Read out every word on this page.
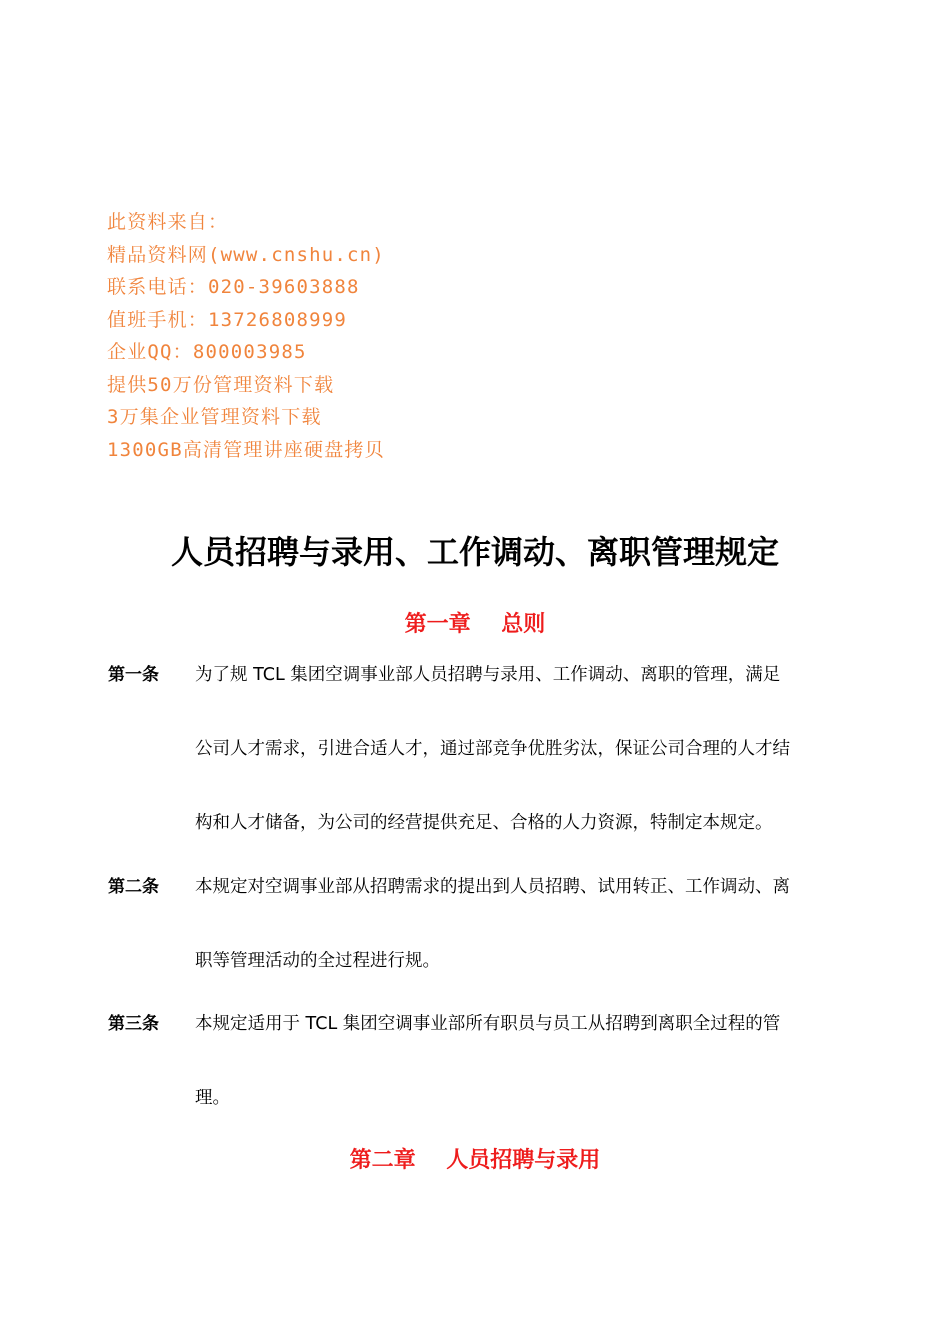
此资料来自：
精品资料网(www.cnshu.cn)
联系电话：020-39603888
值班手机：13726808999
企业QQ：800003985
提供50万份管理资料下载
3万集企业管理资料下载
1300GB高清管理讲座硬盘拷贝
人员招聘与录用、工作调动、离职管理规定
第一章    总则
第一条 为了规 TCL 集团空调事业部人员招聘与录用、工作调动、离职的管理，满足
公司人才需求，引进合适人才，通过部竞争优胜劣汰，保证公司合理的人才结
构和人才储备，为公司的经营提供充足、合格的人力资源，特制定本规定。
第二条 本规定对空调事业部从招聘需求的提出到人员招聘、试用转正、工作调动、离
职等管理活动的全过程进行规。
第三条 本规定适用于 TCL 集团空调事业部所有职员与员工从招聘到离职全过程的管
理。
第二章    人员招聘与录用
